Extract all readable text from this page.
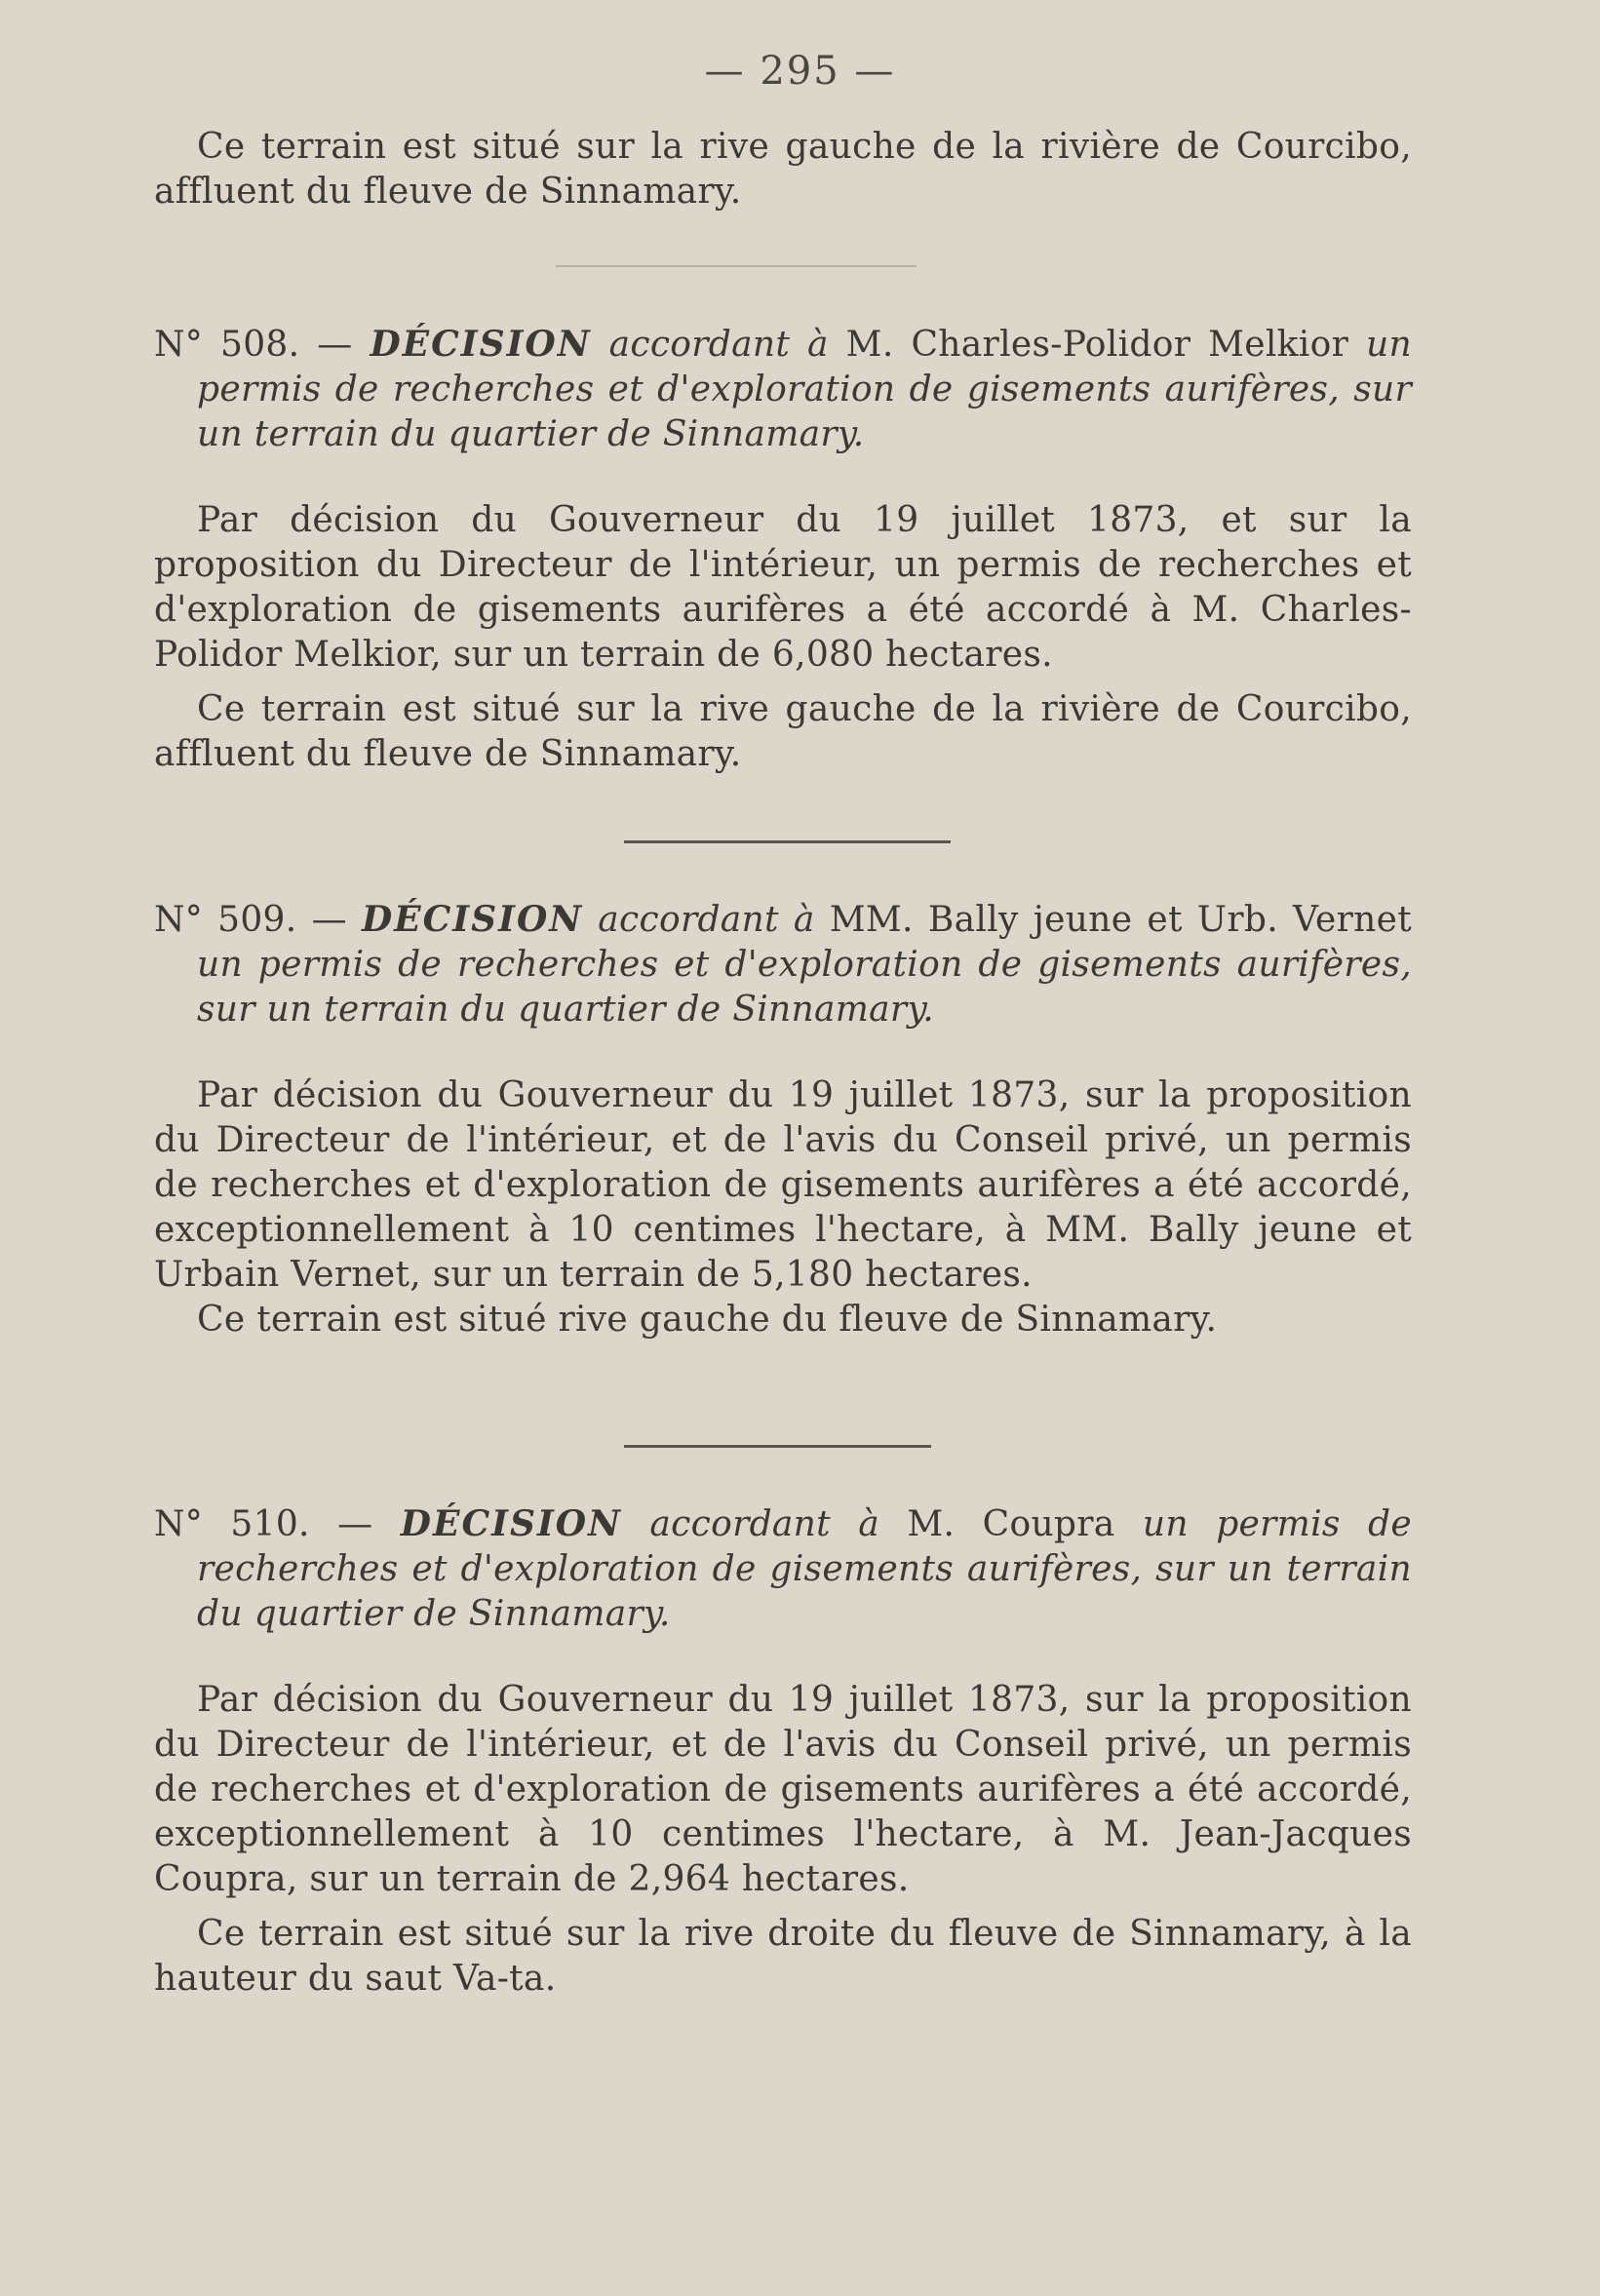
— 295 —

Ce terrain est situé sur la rive gauche de la rivière de Courcibo, affluent du fleuve de Sinnamary.

N° 508. — DÉCISION accordant à M. Charles-Polidor Melkior un permis de recherches et d'exploration de gisements aurifères, sur un terrain du quartier de Sinnamary.

Par décision du Gouverneur du 19 juillet 1873, et sur la proposition du Directeur de l'intérieur, un permis de recherches et d'exploration de gisements aurifères a été accordé à M. Charles-Polidor Melkior, sur un terrain de 6,080 hectares.

Ce terrain est situé sur la rive gauche de la rivière de Courcibo, affluent du fleuve de Sinnamary.

N° 509. — DÉCISION accordant à MM. Bally jeune et Urb. Vernet un permis de recherches et d'exploration de gisements aurifères, sur un terrain du quartier de Sinnamary.

Par décision du Gouverneur du 19 juillet 1873, sur la proposition du Directeur de l'intérieur, et de l'avis du Conseil privé, un permis de recherches et d'exploration de gisements aurifères a été accordé, exceptionnellement à 10 centimes l'hectare, à MM. Bally jeune et Urbain Vernet, sur un terrain de 5,180 hectares.

Ce terrain est situé rive gauche du fleuve de Sinnamary.

N° 510. — DÉCISION accordant à M. Coupra un permis de recherches et d'exploration de gisements aurifères, sur un terrain du quartier de Sinnamary.

Par décision du Gouverneur du 19 juillet 1873, sur la proposition du Directeur de l'intérieur, et de l'avis du Conseil privé, un permis de recherches et d'exploration de gisements aurifères a été accordé, exceptionnellement à 10 centimes l'hectare, à M. Jean-Jacques Coupra, sur un terrain de 2,964 hectares.

Ce terrain est situé sur la rive droite du fleuve de Sinnamary, à la hauteur du saut Va-ta.
